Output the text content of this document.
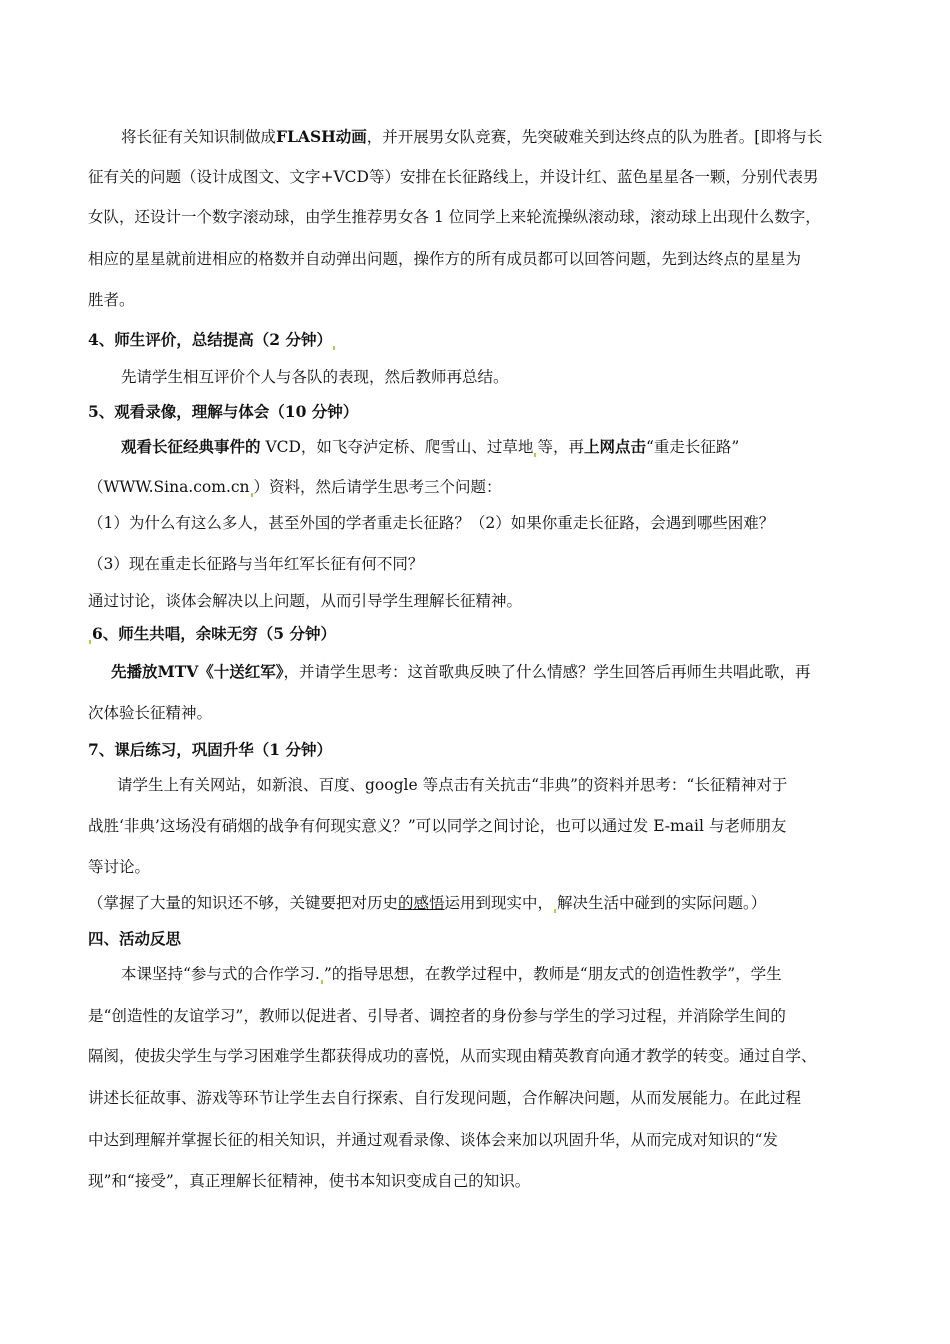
将长征有关知识制做成FLASH动画，并开展男女队竞赛，先突破难关到达终点的队为胜者。[即将与长
征有关的问题（设计成图文、文字+VCD等）安排在长征路线上，并设计红、蓝色星星各一颗，分别代表男
女队，还设计一个数字滚动球，由学生推荐男女各 1 位同学上来轮流操纵滚动球，滚动球上出现什么数字，
相应的星星就前进相应的格数并自动弹出问题，操作方的所有成员都可以回答问题，先到达终点的星星为
胜者。
4、师生评价，总结提高（2 分钟）
先请学生相互评价个人与各队的表现，然后教师再总结。
5、观看录像，理解与体会（10 分钟）
观看长征经典事件的 VCD，如飞夺泸定桥、爬雪山、过草地 等，再上网点击“重走长征路”
（WWW.Sina.com.cn ）资料，然后请学生思考三个问题：
（1）为什么有这么多人，甚至外国的学者重走长征路？（2）如果你重走长征路，会遇到哪些困难？
（3）现在重走长征路与当年红军长征有何不同？
通过讨论，谈体会解决以上问题，从而引导学生理解长征精神。
6、师生共唱，余味无穷（5 分钟）
先播放MTV《十送红军》，并请学生思考：这首歌典反映了什么情感？学生回答后再师生共唱此歌，再
次体验长征精神。
7、课后练习，巩固升华（1 分钟）
请学生上有关网站，如新浪、百度、google 等点击有关抗击“非典”的资料并思考：“长征精神对于
战胜‘非典’这场没有硝烟的战争有何现实意义？”可以同学之间讨论，也可以通过发 E-mail 与老师朋友
等讨论。
（掌握了大量的知识还不够，关键要把对历史的感悟运用到现实中， 解决生活中碰到的实际问题。）
四、活动反思
本课坚持“参与式的合作学习. ”的指导思想，在教学过程中，教师是“朋友式的创造性教学”，学生
是“创造性的友谊学习”，教师以促进者、引导者、调控者的身份参与学生的学习过程，并消除学生间的
隔阂，使拔尖学生与学习困难学生都获得成功的喜悦，从而实现由精英教育向通才教学的转变。通过自学、
讲述长征故事、游戏等环节让学生去自行探索、自行发现问题，合作解决问题，从而发展能力。在此过程
中达到理解并掌握长征的相关知识，并通过观看录像、谈体会来加以巩固升华，从而完成对知识的“发
现”和“接受”，真正理解长征精神，使书本知识变成自己的知识。
